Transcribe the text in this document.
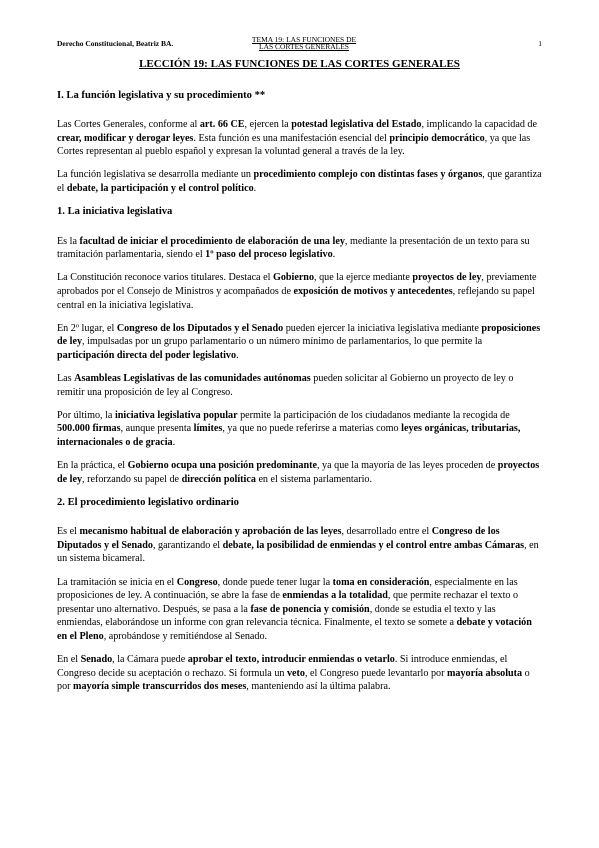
Derecho Constitucional, Beatriz BA.	TEMA 19: LAS FUNCIONES DE
LAS CORTES GENERALES	1
LECCIÓN 19: LAS FUNCIONES DE LAS CORTES GENERALES
I. La función legislativa y su procedimiento **

Las Cortes Generales, conforme al art. 66 CE, ejercen la potestad legislativa del Estado, implicando la capacidad de crear, modificar y derogar leyes. Esta función es una manifestación esencial del principio democrático, ya que las Cortes representan al pueblo español y expresan la voluntad general a través de la ley.

La función legislativa se desarrolla mediante un procedimiento complejo con distintas fases y órganos, que garantiza el debate, la participación y el control político.

1. La iniciativa legislativa

Es la facultad de iniciar el procedimiento de elaboración de una ley, mediante la presentación de un texto para su tramitación parlamentaria, siendo el 1º paso del proceso legislativo.

La Constitución reconoce varios titulares. Destaca el Gobierno, que la ejerce mediante proyectos de ley, previamente aprobados por el Consejo de Ministros y acompañados de exposición de motivos y antecedentes, reflejando su papel central en la iniciativa legislativa.

En 2º lugar, el Congreso de los Diputados y el Senado pueden ejercer la iniciativa legislativa mediante proposiciones de ley, impulsadas por un grupo parlamentario o un número mínimo de parlamentarios, lo que permite la participación directa del poder legislativo.

Las Asambleas Legislativas de las comunidades autónomas pueden solicitar al Gobierno un proyecto de ley o remitir una proposición de ley al Congreso.

Por último, la iniciativa legislativa popular permite la participación de los ciudadanos mediante la recogida de 500.000 firmas, aunque presenta límites, ya que no puede referirse a materias como leyes orgánicas, tributarias, internacionales o de gracia.

En la práctica, el Gobierno ocupa una posición predominante, ya que la mayoría de las leyes proceden de proyectos de ley, reforzando su papel de dirección política en el sistema parlamentario.

2. El procedimiento legislativo ordinario

Es el mecanismo habitual de elaboración y aprobación de las leyes, desarrollado entre el Congreso de los Diputados y el Senado, garantizando el debate, la posibilidad de enmiendas y el control entre ambas Cámaras, en un sistema bicameral.

La tramitación se inicia en el Congreso, donde puede tener lugar la toma en consideración, especialmente en las proposiciones de ley. A continuación, se abre la fase de enmiendas a la totalidad, que permite rechazar el texto o presentar uno alternativo. Después, se pasa a la fase de ponencia y comisión, donde se estudia el texto y las enmiendas, elaborándose un informe con gran relevancia técnica. Finalmente, el texto se somete a debate y votación en el Pleno, aprobándose y remitiéndose al Senado.

En el Senado, la Cámara puede aprobar el texto, introducir enmiendas o vetarlo. Si introduce enmiendas, el Congreso decide su aceptación o rechazo. Si formula un veto, el Congreso puede levantarlo por mayoría absoluta o por mayoría simple transcurridos dos meses, manteniendo así la última palabra.
